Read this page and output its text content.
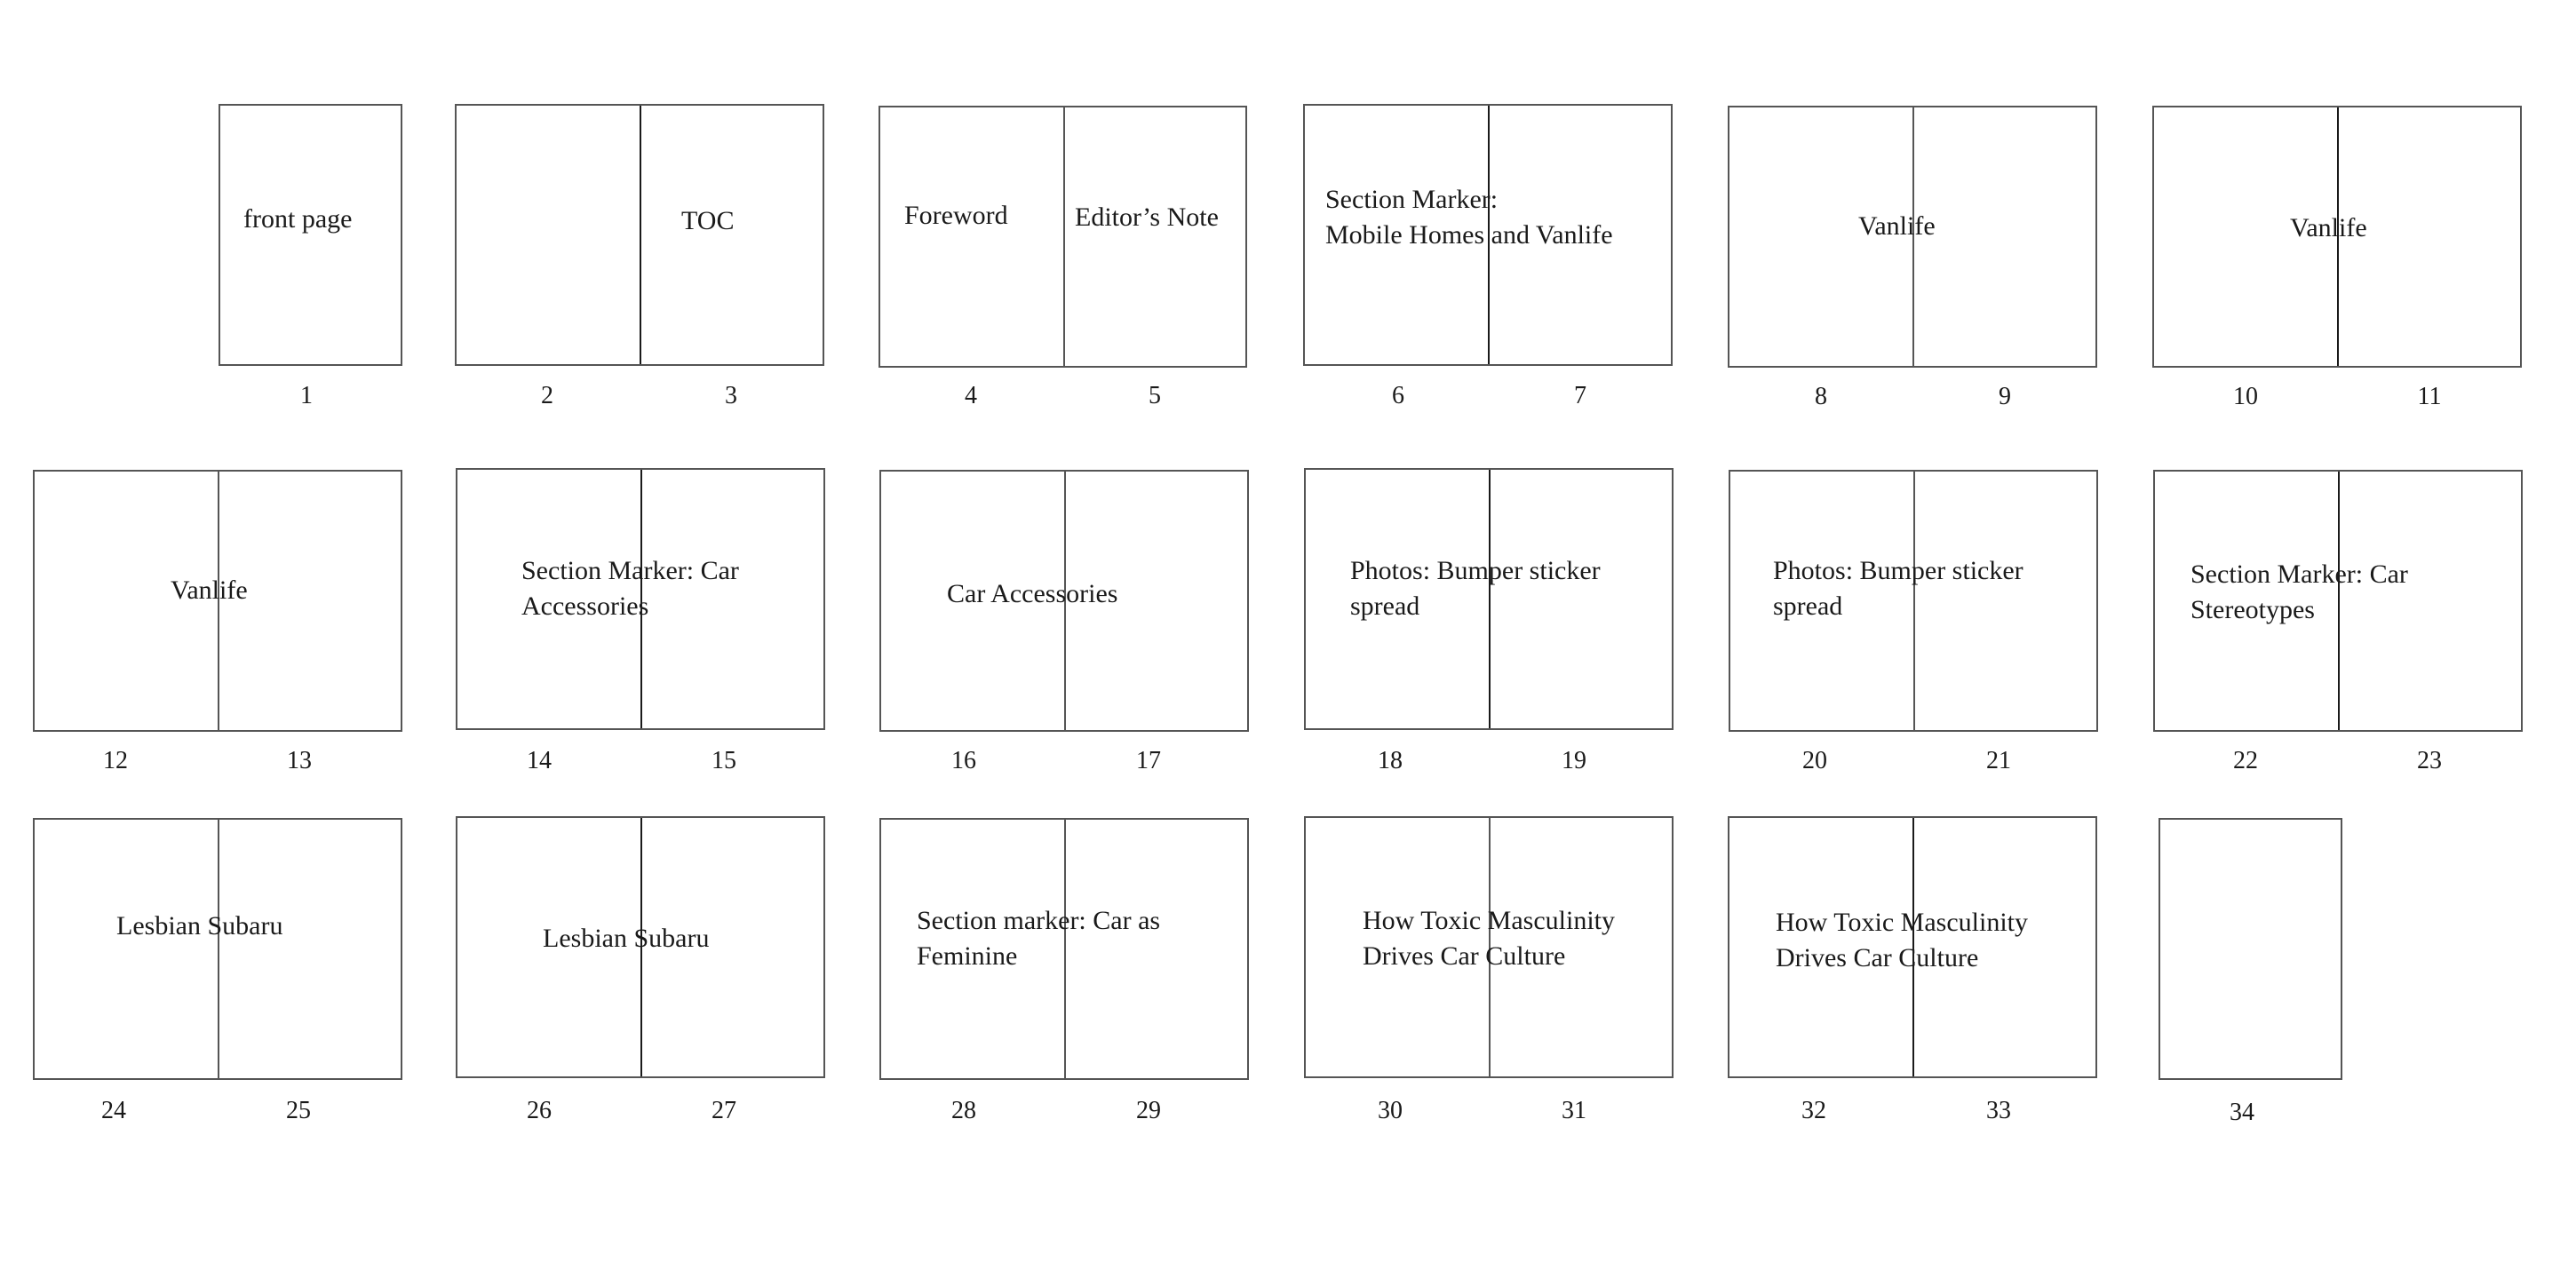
front page
1
TOC
2	3
Foreword	Editor’s Note
4	5
Section Marker:
Mobile Homes and Vanlife
6	7
Vanlife
8	9
Vanlife
10	11
Vanlife
12	13
Section Marker: Car
Accessories
14	15
Car Accessories
16	17
Photos: Bumper sticker
spread
18	19
Photos: Bumper sticker
spread
20	21
Section Marker: Car
Stereotypes
22	23
Lesbian Subaru
24	25
Lesbian Subaru
26	27
Section marker: Car as
Feminine
28	29
How Toxic Masculinity
Drives Car Culture
30	31
How Toxic Masculinity
Drives Car Culture
32	33	34
